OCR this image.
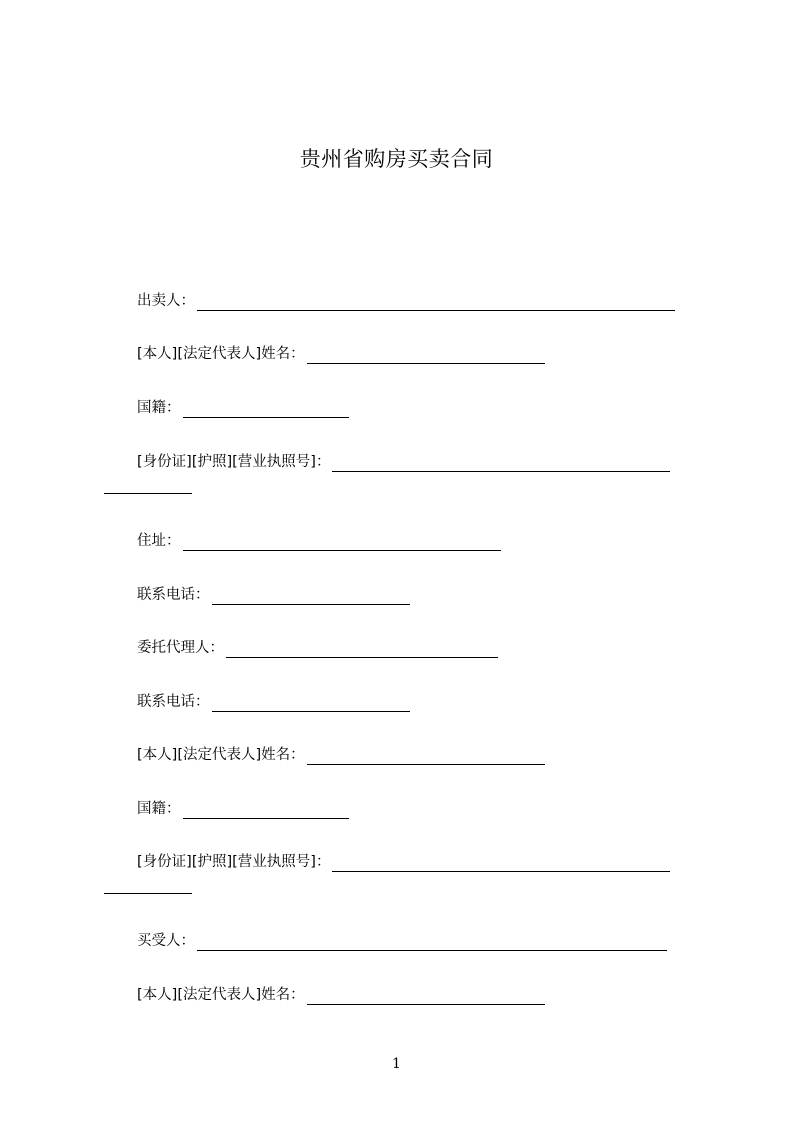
贵州省购房买卖合同
出卖人：
[本人][法定代表人]姓名：
国籍：
[身份证][护照][营业执照号]：
住址：
联系电话：
委托代理人：
联系电话：
[本人][法定代表人]姓名：
国籍：
[身份证][护照][营业执照号]：
买受人：
[本人][法定代表人]姓名：
1
